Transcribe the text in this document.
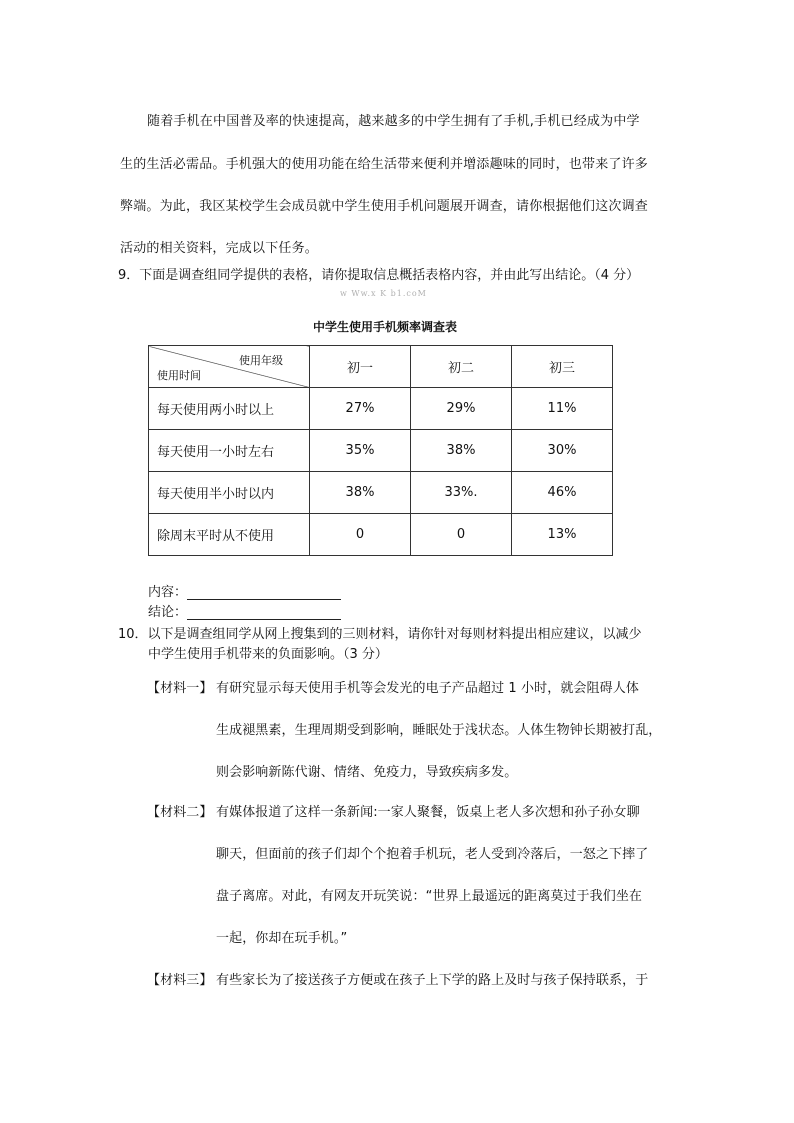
随着手机在中国普及率的快速提高，越来越多的中学生拥有了手机,手机已经成为中学
生的生活必需品。手机强大的使用功能在给生活带来便利并增添趣味的同时，也带来了许多
弊端。为此，我区某校学生会成员就中学生使用手机问题展开调查，请你根据他们这次调查
活动的相关资料，完成以下任务。
9．下面是调查组同学提供的表格，请你提取信息概括表格内容，并由此写出结论。（4 分）
w Ww.x K b1.coM
中学生使用手机频率调查表
使用年级
使用时间	初一	初二	初三
每天使用两小时以上	27%	29%	11%
每天使用一小时左右	35%	38%	30%
每天使用半小时以内	38%	33%.	46%
除周末平时从不使用	0	0	13%
内容：
结论：
10．以下是调查组同学从网上搜集到的三则材料，请你针对每则材料提出相应建议，以减少
中学生使用手机带来的负面影响。（3 分）
【材料一】 有研究显示每天使用手机等会发光的电子产品超过 1 小时，就会阻碍人体
生成褪黑素，生理周期受到影响，睡眠处于浅状态。人体生物钟长期被打乱，
则会影响新陈代谢、情绪、免疫力，导致疾病多发。
【材料二】 有媒体报道了这样一条新闻:一家人聚餐，饭桌上老人多次想和孙子孙女聊
聊天，但面前的孩子们却个个抱着手机玩，老人受到冷落后，一怒之下摔了
盘子离席。对此，有网友开玩笑说：“世界上最遥远的距离莫过于我们坐在
一起，你却在玩手机。”
【材料三】 有些家长为了接送孩子方便或在孩子上下学的路上及时与孩子保持联系，于
